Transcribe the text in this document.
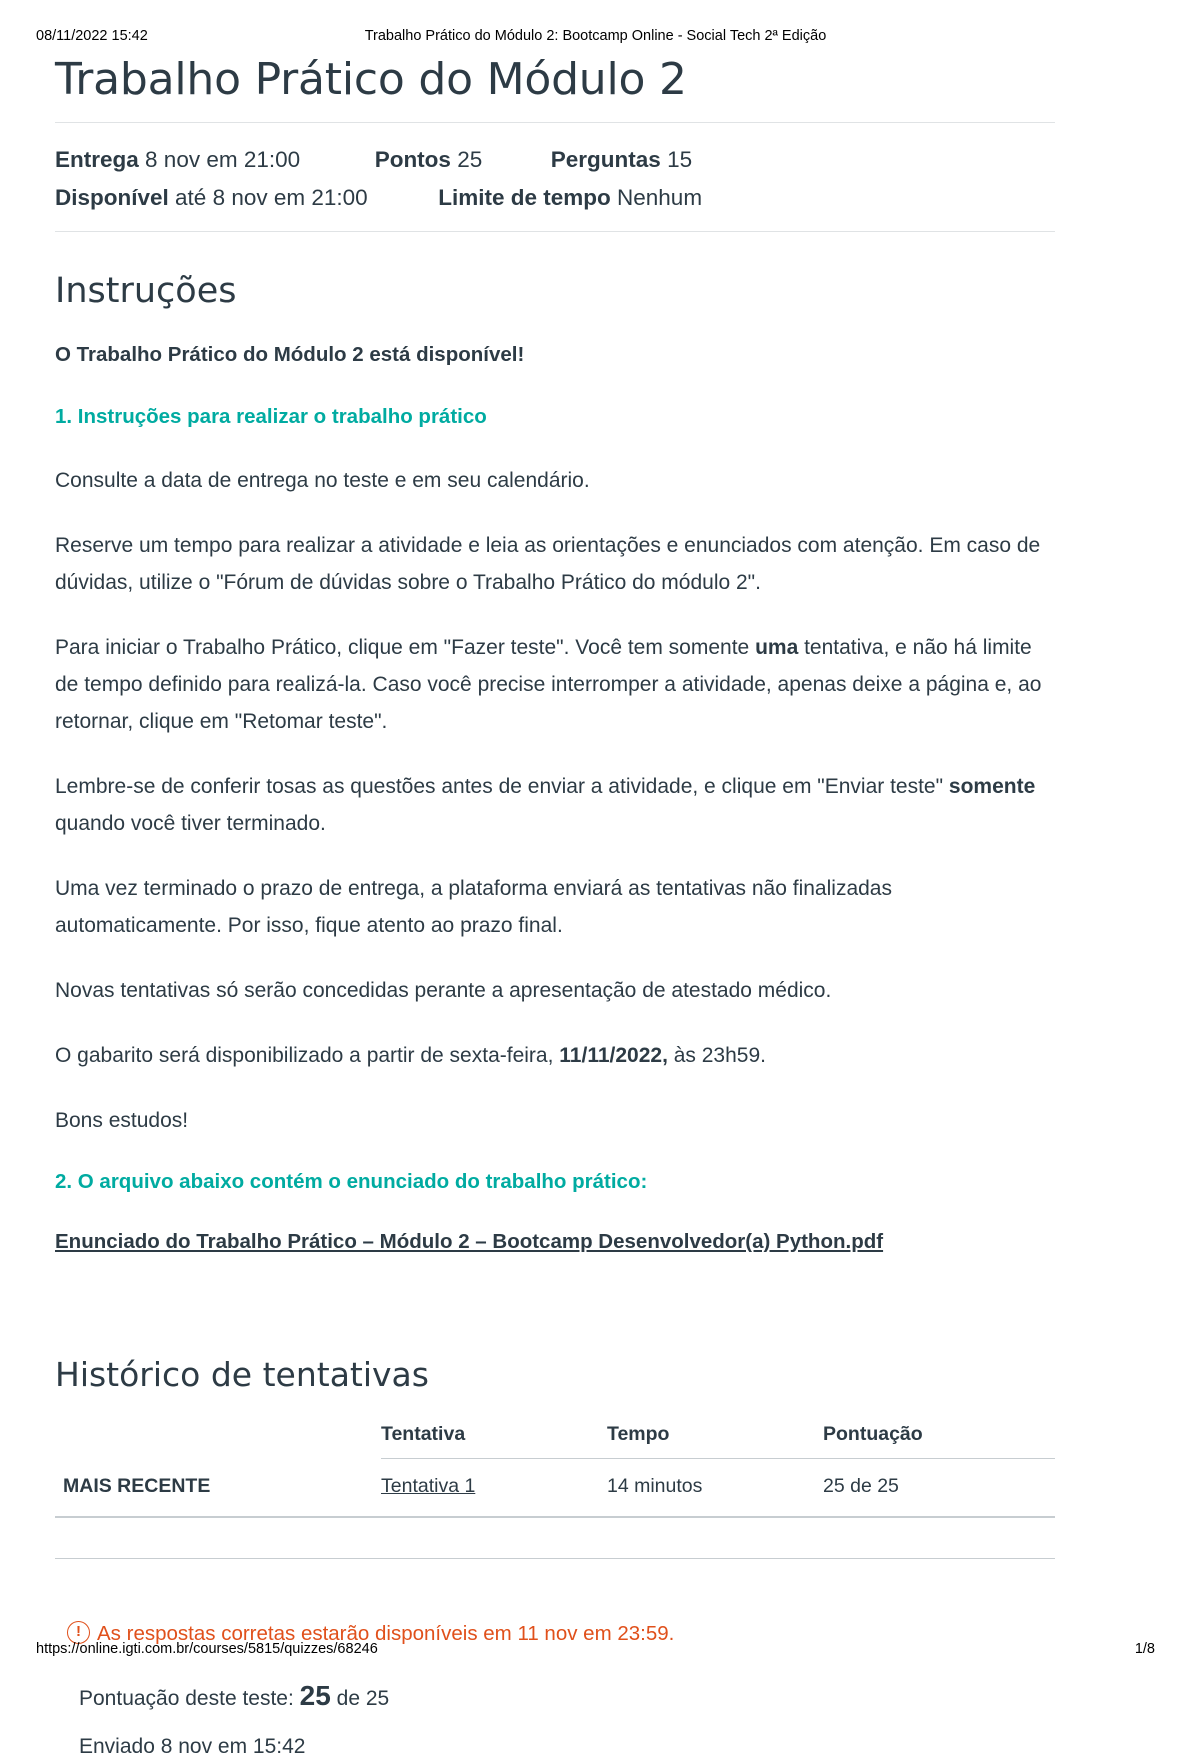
08/11/2022 15:42	Trabalho Prático do Módulo 2: Bootcamp Online - Social Tech 2ª Edição
Trabalho Prático do Módulo 2
Entrega 8 nov em 21:00	Pontos 25	Perguntas 15
Disponível até 8 nov em 21:00	Limite de tempo Nenhum
Instruções

O Trabalho Prático do Módulo 2 está disponível!

1. Instruções para realizar o trabalho prático

Consulte a data de entrega no teste e em seu calendário.

Reserve um tempo para realizar a atividade e leia as orientações e enunciados com atenção. Em caso de dúvidas, utilize o "Fórum de dúvidas sobre o Trabalho Prático do módulo 2".

Para iniciar o Trabalho Prático, clique em "Fazer teste". Você tem somente uma tentativa, e não há limite de tempo definido para realizá-la. Caso você precise interromper a atividade, apenas deixe a página e, ao retornar, clique em "Retomar teste".

Lembre-se de conferir tosas as questões antes de enviar a atividade, e clique em "Enviar teste" somente quando você tiver terminado.

Uma vez terminado o prazo de entrega, a plataforma enviará as tentativas não finalizadas automaticamente. Por isso, fique atento ao prazo final.

Novas tentativas só serão concedidas perante a apresentação de atestado médico.

O gabarito será disponibilizado a partir de sexta-feira, 11/11/2022, às 23h59.

Bons estudos!

2. O arquivo abaixo contém o enunciado do trabalho prático:

Enunciado do Trabalho Prático – Módulo 2 – Bootcamp Desenvolvedor(a) Python.pdf
Histórico de tentativas
	Tentativa	Tempo	Pontuação
MAIS RECENTE	Tentativa 1	14 minutos	25 de 25

! As respostas corretas estarão disponíveis em 11 nov em 23:59.
Pontuação deste teste: 25 de 25
Enviado 8 nov em 15:42
https://online.igti.com.br/courses/5815/quizzes/68246	1/8
